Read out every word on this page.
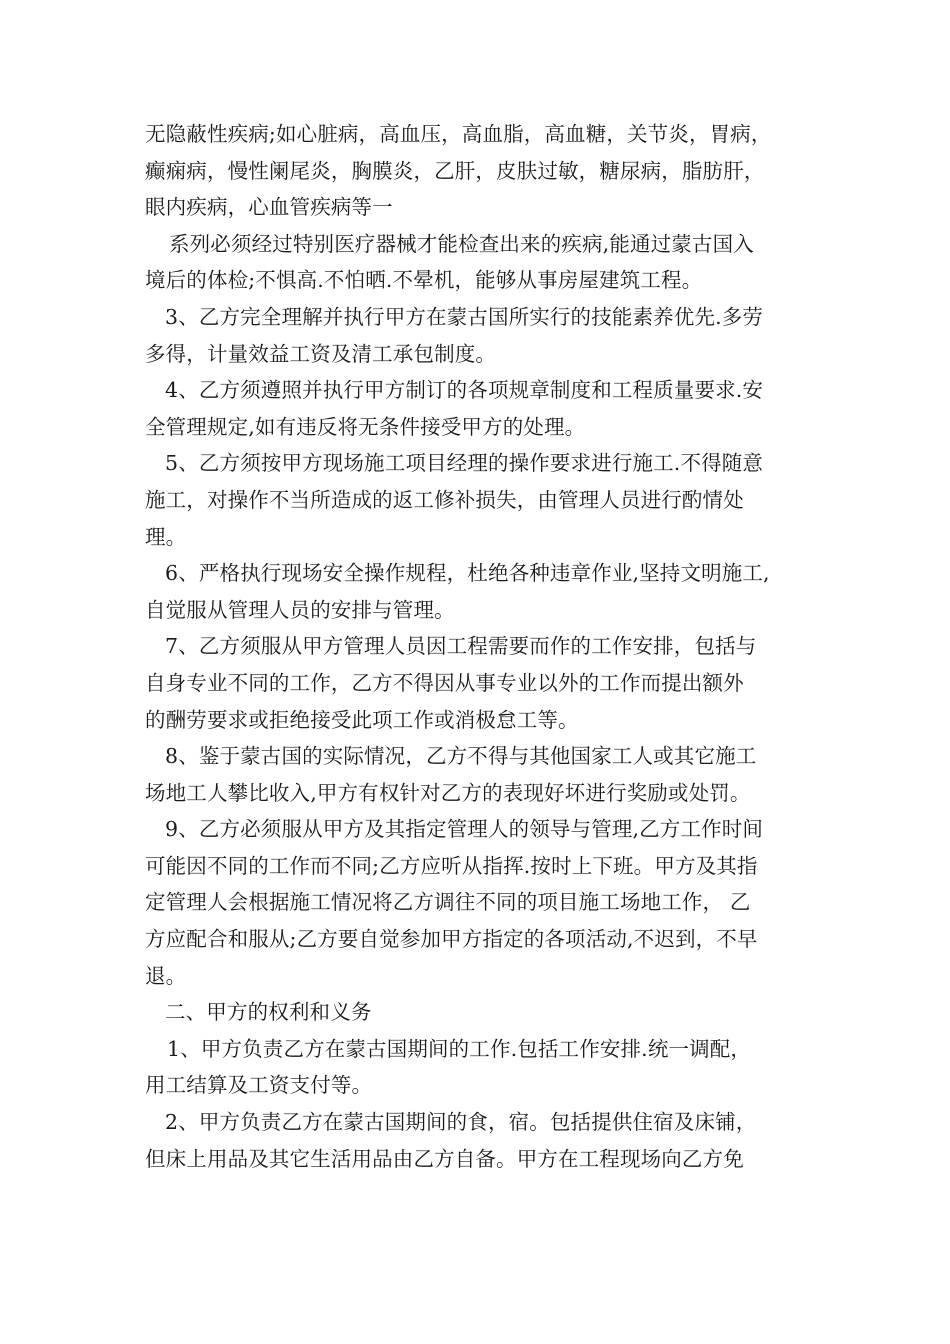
无隐蔽性疾病;如心脏病，高血压，高血脂，高血糖，关节炎，胃病，
癫痫病，慢性阑尾炎，胸膜炎，乙肝，皮肤过敏，糖尿病，脂肪肝，
眼内疾病，心血管疾病等一
系列必须经过特别医疗器械才能检查出来的疾病,能通过蒙古国入
境后的体检;不惧高.不怕晒.不晕机，能够从事房屋建筑工程。
3、乙方完全理解并执行甲方在蒙古国所实行的技能素养优先.多劳
多得，计量效益工资及清工承包制度。
4、乙方须遵照并执行甲方制订的各项规章制度和工程质量要求.安
全管理规定,如有违反将无条件接受甲方的处理。
5、乙方须按甲方现场施工项目经理的操作要求进行施工.不得随意
施工，对操作不当所造成的返工修补损失，由管理人员进行酌情处
理。
6、严格执行现场安全操作规程，杜绝各种违章作业,坚持文明施工,
自觉服从管理人员的安排与管理。
7、乙方须服从甲方管理人员因工程需要而作的工作安排，包括与
自身专业不同的工作，乙方不得因从事专业以外的工作而提出额外
的酬劳要求或拒绝接受此项工作或消极怠工等。
8、鉴于蒙古国的实际情况，乙方不得与其他国家工人或其它施工
场地工人攀比收入,甲方有权针对乙方的表现好坏进行奖励或处罚。
9、乙方必须服从甲方及其指定管理人的领导与管理,乙方工作时间
可能因不同的工作而不同;乙方应听从指挥.按时上下班。甲方及其指
定管理人会根据施工情况将乙方调往不同的项目施工场地工作， 乙
方应配合和服从;乙方要自觉参加甲方指定的各项活动,不迟到，不早
退。
二、甲方的权利和义务
1、甲方负责乙方在蒙古国期间的工作.包括工作安排.统一调配，
用工结算及工资支付等。
2、甲方负责乙方在蒙古国期间的食，宿。包括提供住宿及床铺，
但床上用品及其它生活用品由乙方自备。甲方在工程现场向乙方免
